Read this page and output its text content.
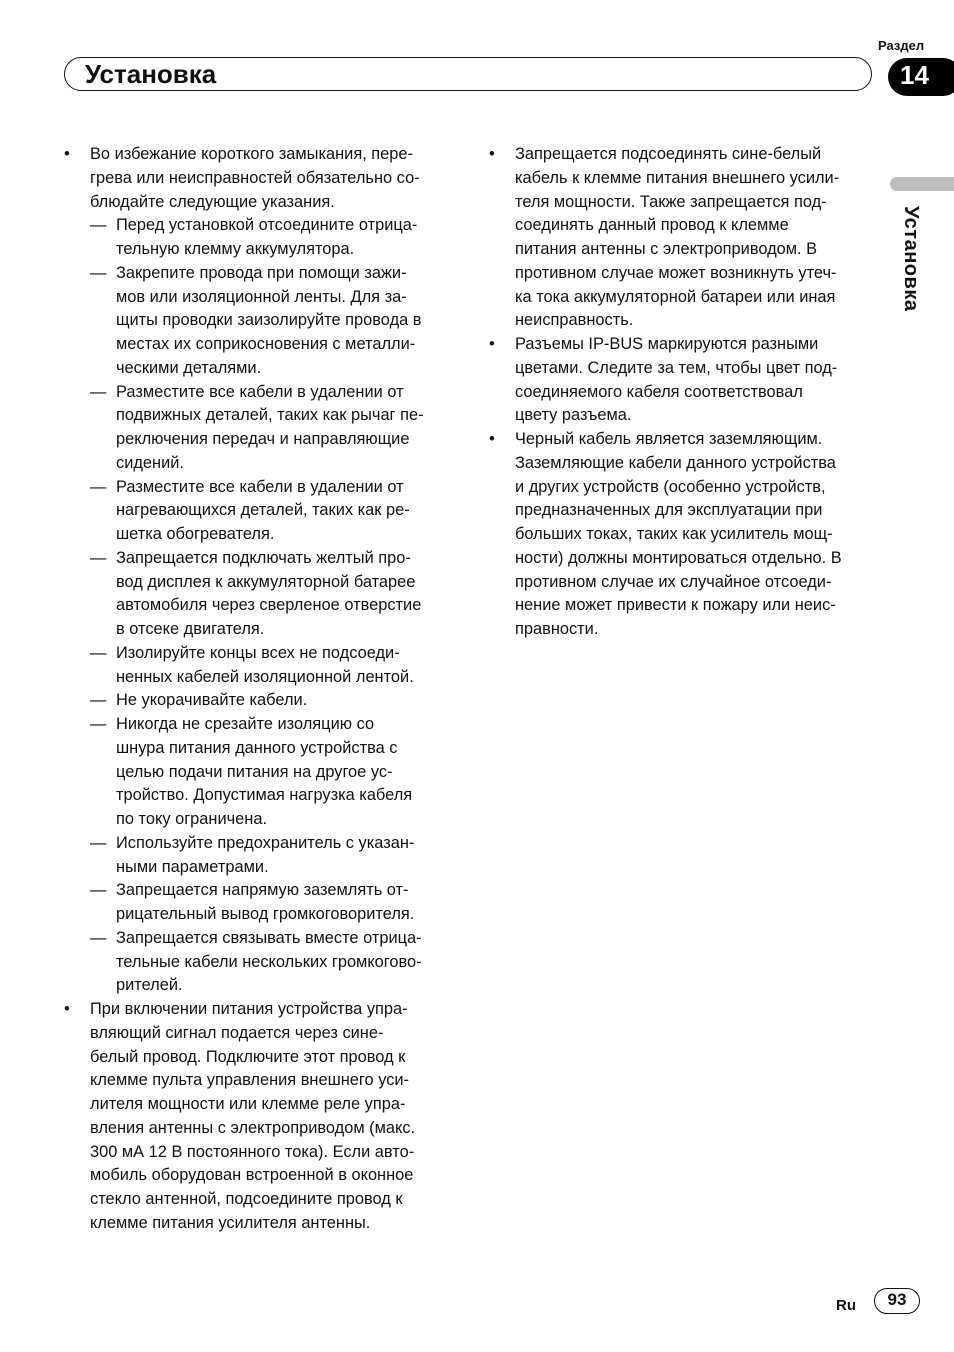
Раздел
14
Установка
Установка
• Во избежание короткого замыкания, пере-
грева или неисправностей обязательно со-
блюдайте следующие указания.
— Перед установкой отсоедините отрица-
тельную клемму аккумулятора.
— Закрепите провода при помощи зажи-
мов или изоляционной ленты. Для за-
щиты проводки заизолируйте провода в
местах их соприкосновения с металли-
ческими деталями.
— Разместите все кабели в удалении от
подвижных деталей, таких как рычаг пе-
реключения передач и направляющие
сидений.
— Разместите все кабели в удалении от
нагревающихся деталей, таких как ре-
шетка обогревателя.
— Запрещается подключать желтый про-
вод дисплея к аккумуляторной батарее
автомобиля через сверленое отверстие
в отсеке двигателя.
— Изолируйте концы всех не подсоеди-
ненных кабелей изоляционной лентой.
— Не укорачивайте кабели.
— Никогда не срезайте изоляцию со
шнура питания данного устройства с
целью подачи питания на другое ус-
тройство. Допустимая нагрузка кабеля
по току ограничена.
— Используйте предохранитель с указан-
ными параметрами.
— Запрещается напрямую заземлять от-
рицательный вывод громкоговорителя.
— Запрещается связывать вместе отрица-
тельные кабели нескольких громкогово-
рителей.
• При включении питания устройства упра-
вляющий сигнал подается через сине-
белый провод. Подключите этот провод к
клемме пульта управления внешнего уси-
лителя мощности или клемме реле упра-
вления антенны с электроприводом (макс.
300 мА 12 В постоянного тока). Если авто-
мобиль оборудован встроенной в оконное
стекло антенной, подсоедините провод к
клемме питания усилителя антенны.
• Запрещается подсоединять сине-белый
кабель к клемме питания внешнего усили-
теля мощности. Также запрещается под-
соединять данный провод к клемме
питания антенны с электроприводом. В
противном случае может возникнуть утеч-
ка тока аккумуляторной батареи или иная
неисправность.
• Разъемы IP-BUS маркируются разными
цветами. Следите за тем, чтобы цвет под-
соединяемого кабеля соответствовал
цвету разъема.
• Черный кабель является заземляющим.
Заземляющие кабели данного устройства
и других устройств (особенно устройств,
предназначенных для эксплуатации при
больших токах, таких как усилитель мощ-
ности) должны монтироваться отдельно. В
противном случае их случайное отсоеди-
нение может привести к пожару или неис-
правности.
Ru	93
